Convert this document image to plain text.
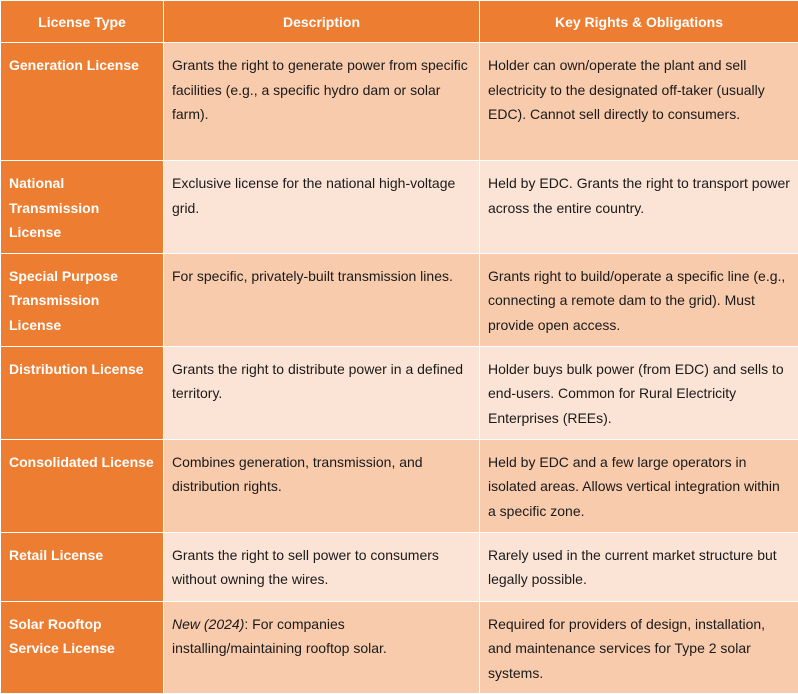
License Type	Description	Key Rights & Obligations
Generation License	Grants the right to generate power from specific facilities (e.g., a specific hydro dam or solar farm).	Holder can own/operate the plant and sell electricity to the designated off-taker (usually EDC). Cannot sell directly to consumers.
National Transmission License	Exclusive license for the national high-voltage grid.	Held by EDC. Grants the right to transport power across the entire country.
Special Purpose Transmission License	For specific, privately-built transmission lines.	Grants right to build/operate a specific line (e.g., connecting a remote dam to the grid). Must provide open access.
Distribution License	Grants the right to distribute power in a defined territory.	Holder buys bulk power (from EDC) and sells to end-users. Common for Rural Electricity Enterprises (REEs).
Consolidated License	Combines generation, transmission, and distribution rights.	Held by EDC and a few large operators in isolated areas. Allows vertical integration within a specific zone.
Retail License	Grants the right to sell power to consumers without owning the wires.	Rarely used in the current market structure but legally possible.
Solar Rooftop Service License	New (2024): For companies installing/maintaining rooftop solar.	Required for providers of design, installation, and maintenance services for Type 2 solar systems.
